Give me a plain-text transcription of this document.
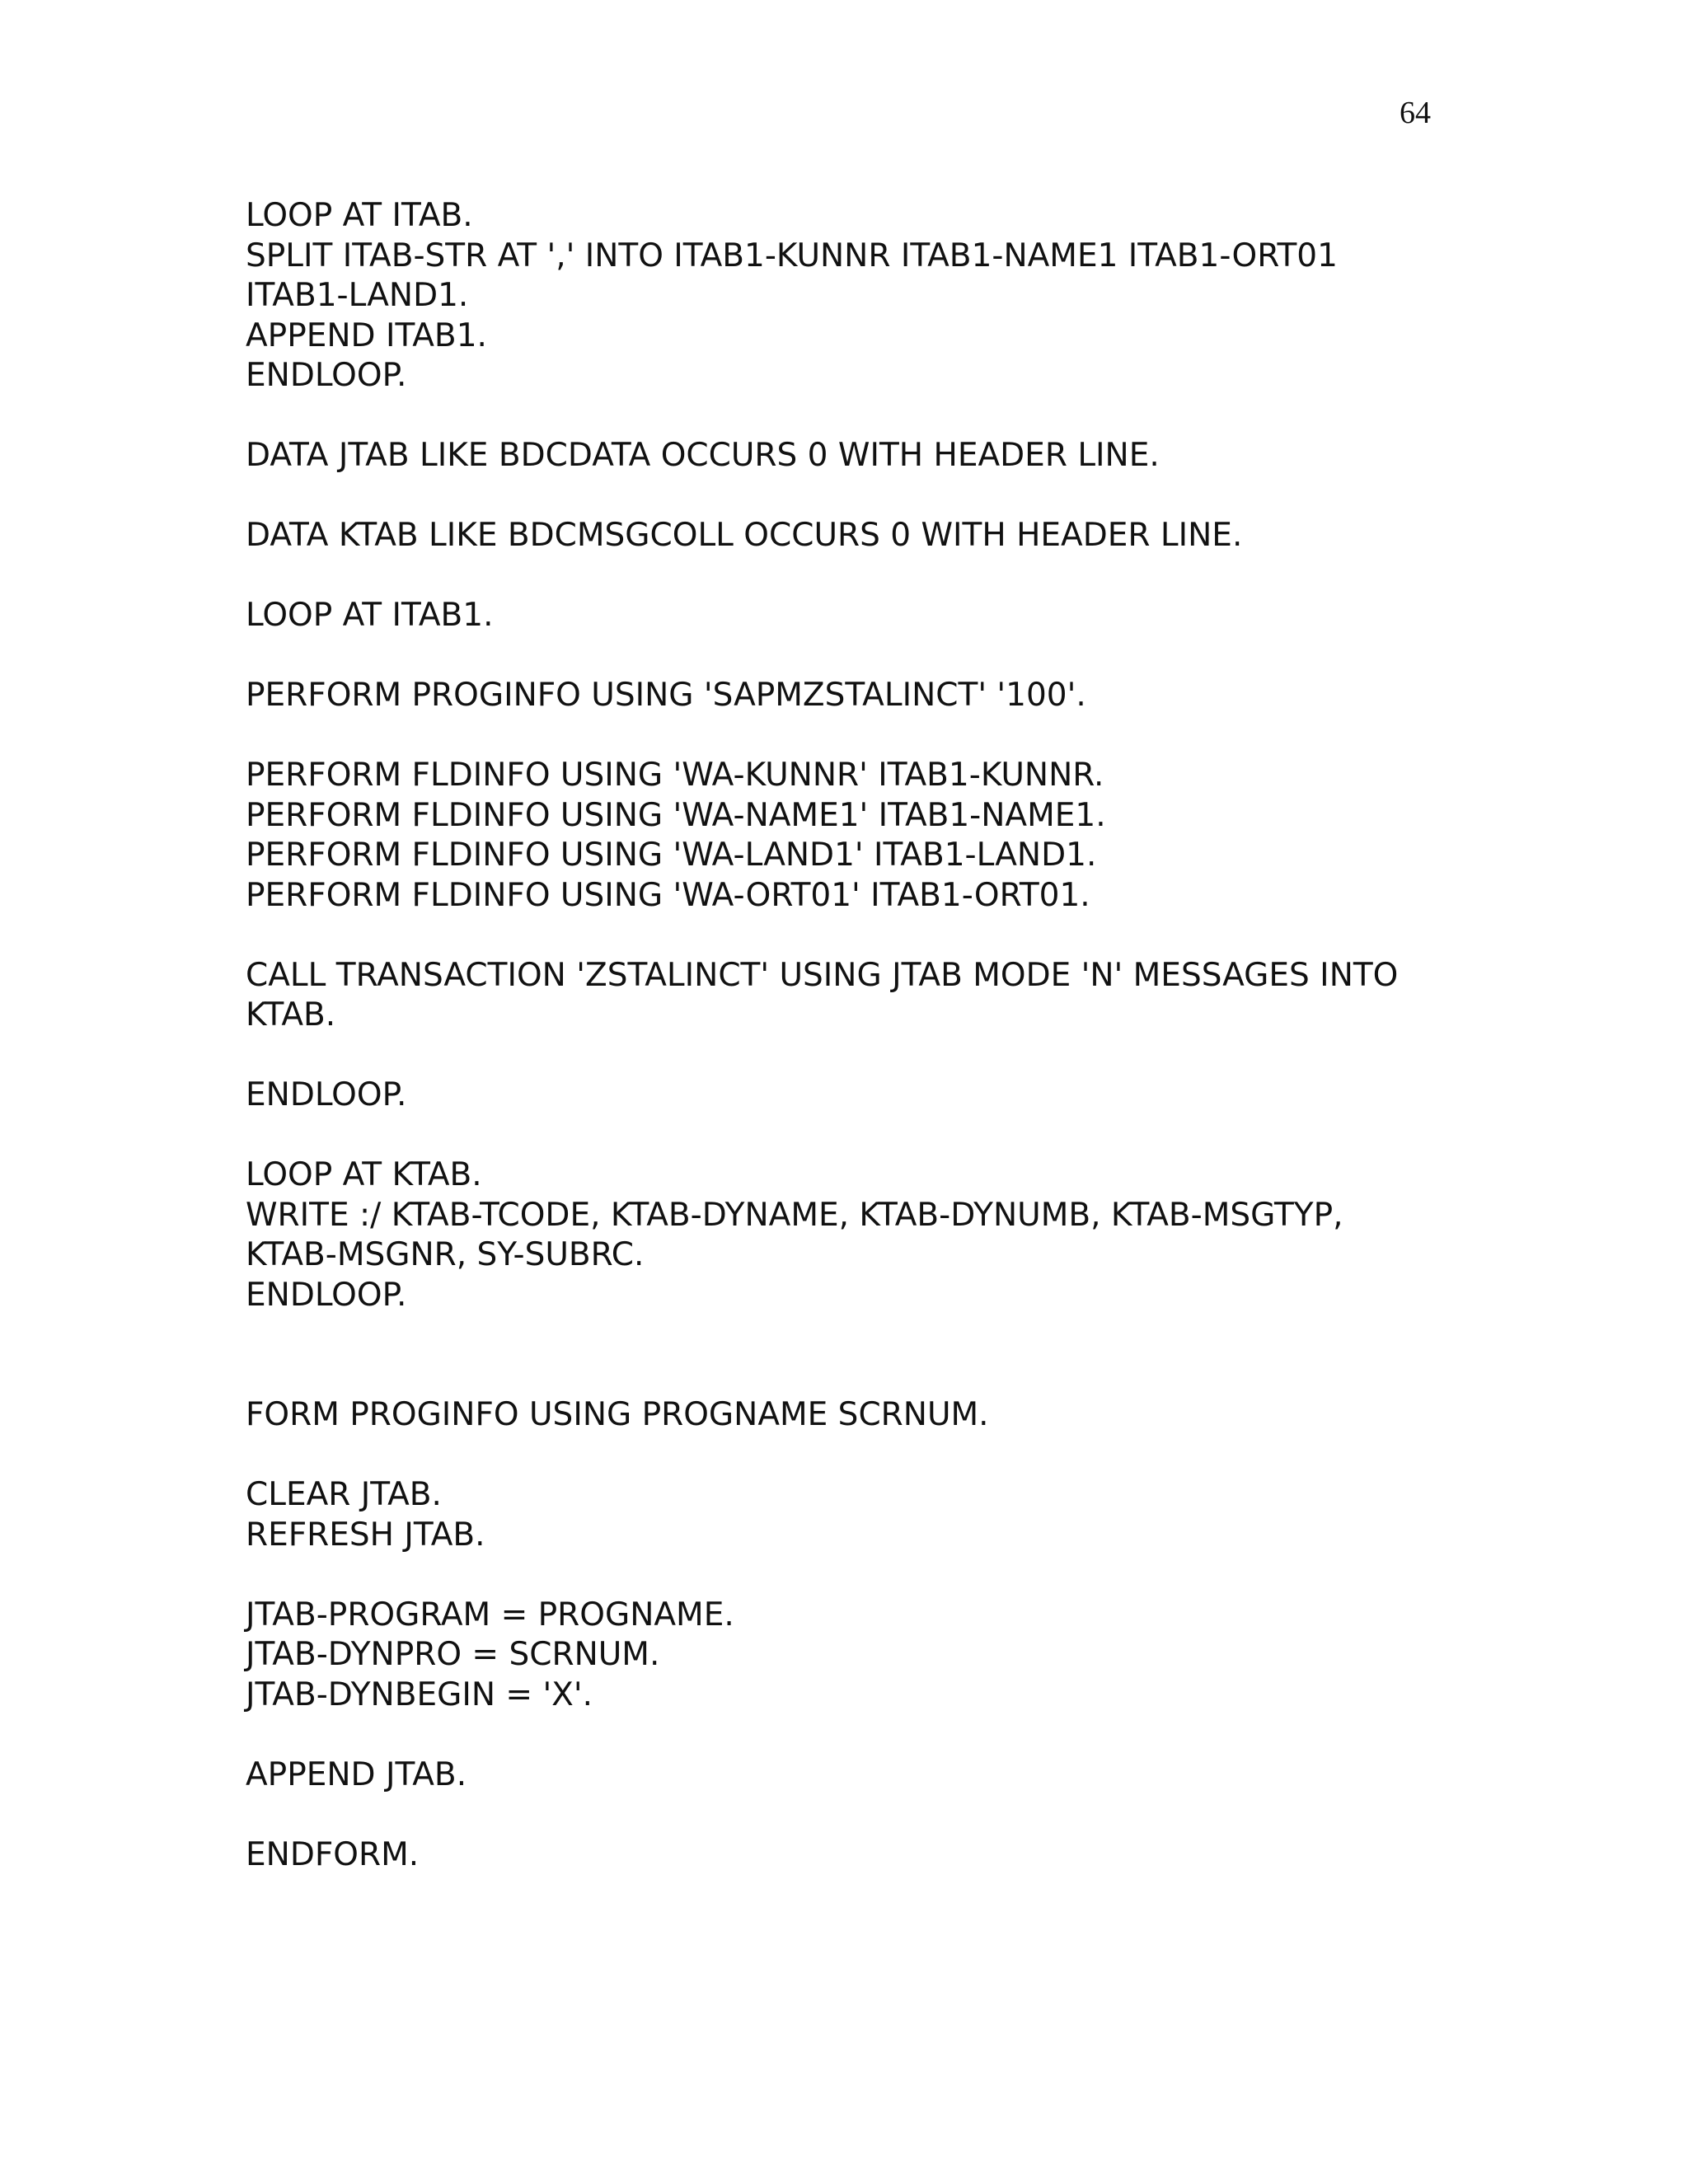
64
LOOP AT ITAB.
SPLIT ITAB-STR AT ',' INTO ITAB1-KUNNR ITAB1-NAME1 ITAB1-ORT01
ITAB1-LAND1.
APPEND ITAB1.
ENDLOOP.
DATA JTAB LIKE BDCDATA OCCURS 0 WITH HEADER LINE.
DATA KTAB LIKE BDCMSGCOLL OCCURS 0 WITH HEADER LINE.
LOOP AT ITAB1.
PERFORM PROGINFO USING 'SAPMZSTALINCT' '100'.
PERFORM FLDINFO USING 'WA-KUNNR' ITAB1-KUNNR.
PERFORM FLDINFO USING 'WA-NAME1' ITAB1-NAME1.
PERFORM FLDINFO USING 'WA-LAND1' ITAB1-LAND1.
PERFORM FLDINFO USING 'WA-ORT01' ITAB1-ORT01.
CALL TRANSACTION 'ZSTALINCT' USING JTAB MODE 'N' MESSAGES INTO
KTAB.
ENDLOOP.
LOOP AT KTAB.
WRITE :/ KTAB-TCODE, KTAB-DYNAME, KTAB-DYNUMB, KTAB-MSGTYP,
KTAB-MSGNR, SY-SUBRC.
ENDLOOP.
FORM PROGINFO USING PROGNAME SCRNUM.
CLEAR JTAB.
REFRESH JTAB.
JTAB-PROGRAM = PROGNAME.
JTAB-DYNPRO = SCRNUM.
JTAB-DYNBEGIN = 'X'.
APPEND JTAB.
ENDFORM.
